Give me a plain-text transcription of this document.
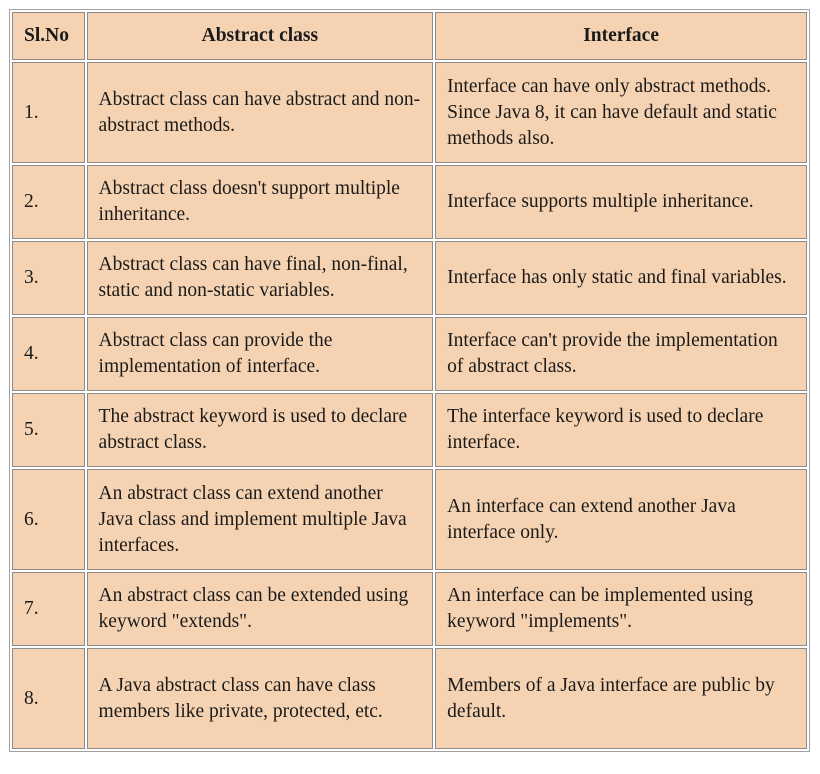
Sl.No	Abstract class	Interface
1.	Abstract class can have abstract and non-abstract methods.	Interface can have only abstract methods. Since Java 8, it can have default and static methods also.
2.	Abstract class doesn't support multiple inheritance.	Interface supports multiple inheritance.
3.	Abstract class can have final, non-final, static and non-static variables.	Interface has only static and final variables.
4.	Abstract class can provide the implementation of interface.	Interface can't provide the implementation of abstract class.
5.	The abstract keyword is used to declare abstract class.	The interface keyword is used to declare interface.
6.	An abstract class can extend another Java class and implement multiple Java interfaces.	An interface can extend another Java interface only.
7.	An abstract class can be extended using keyword "extends".	An interface can be implemented using keyword "implements".
8.	A Java abstract class can have class members like private, protected, etc.	Members of a Java interface are public by default.
